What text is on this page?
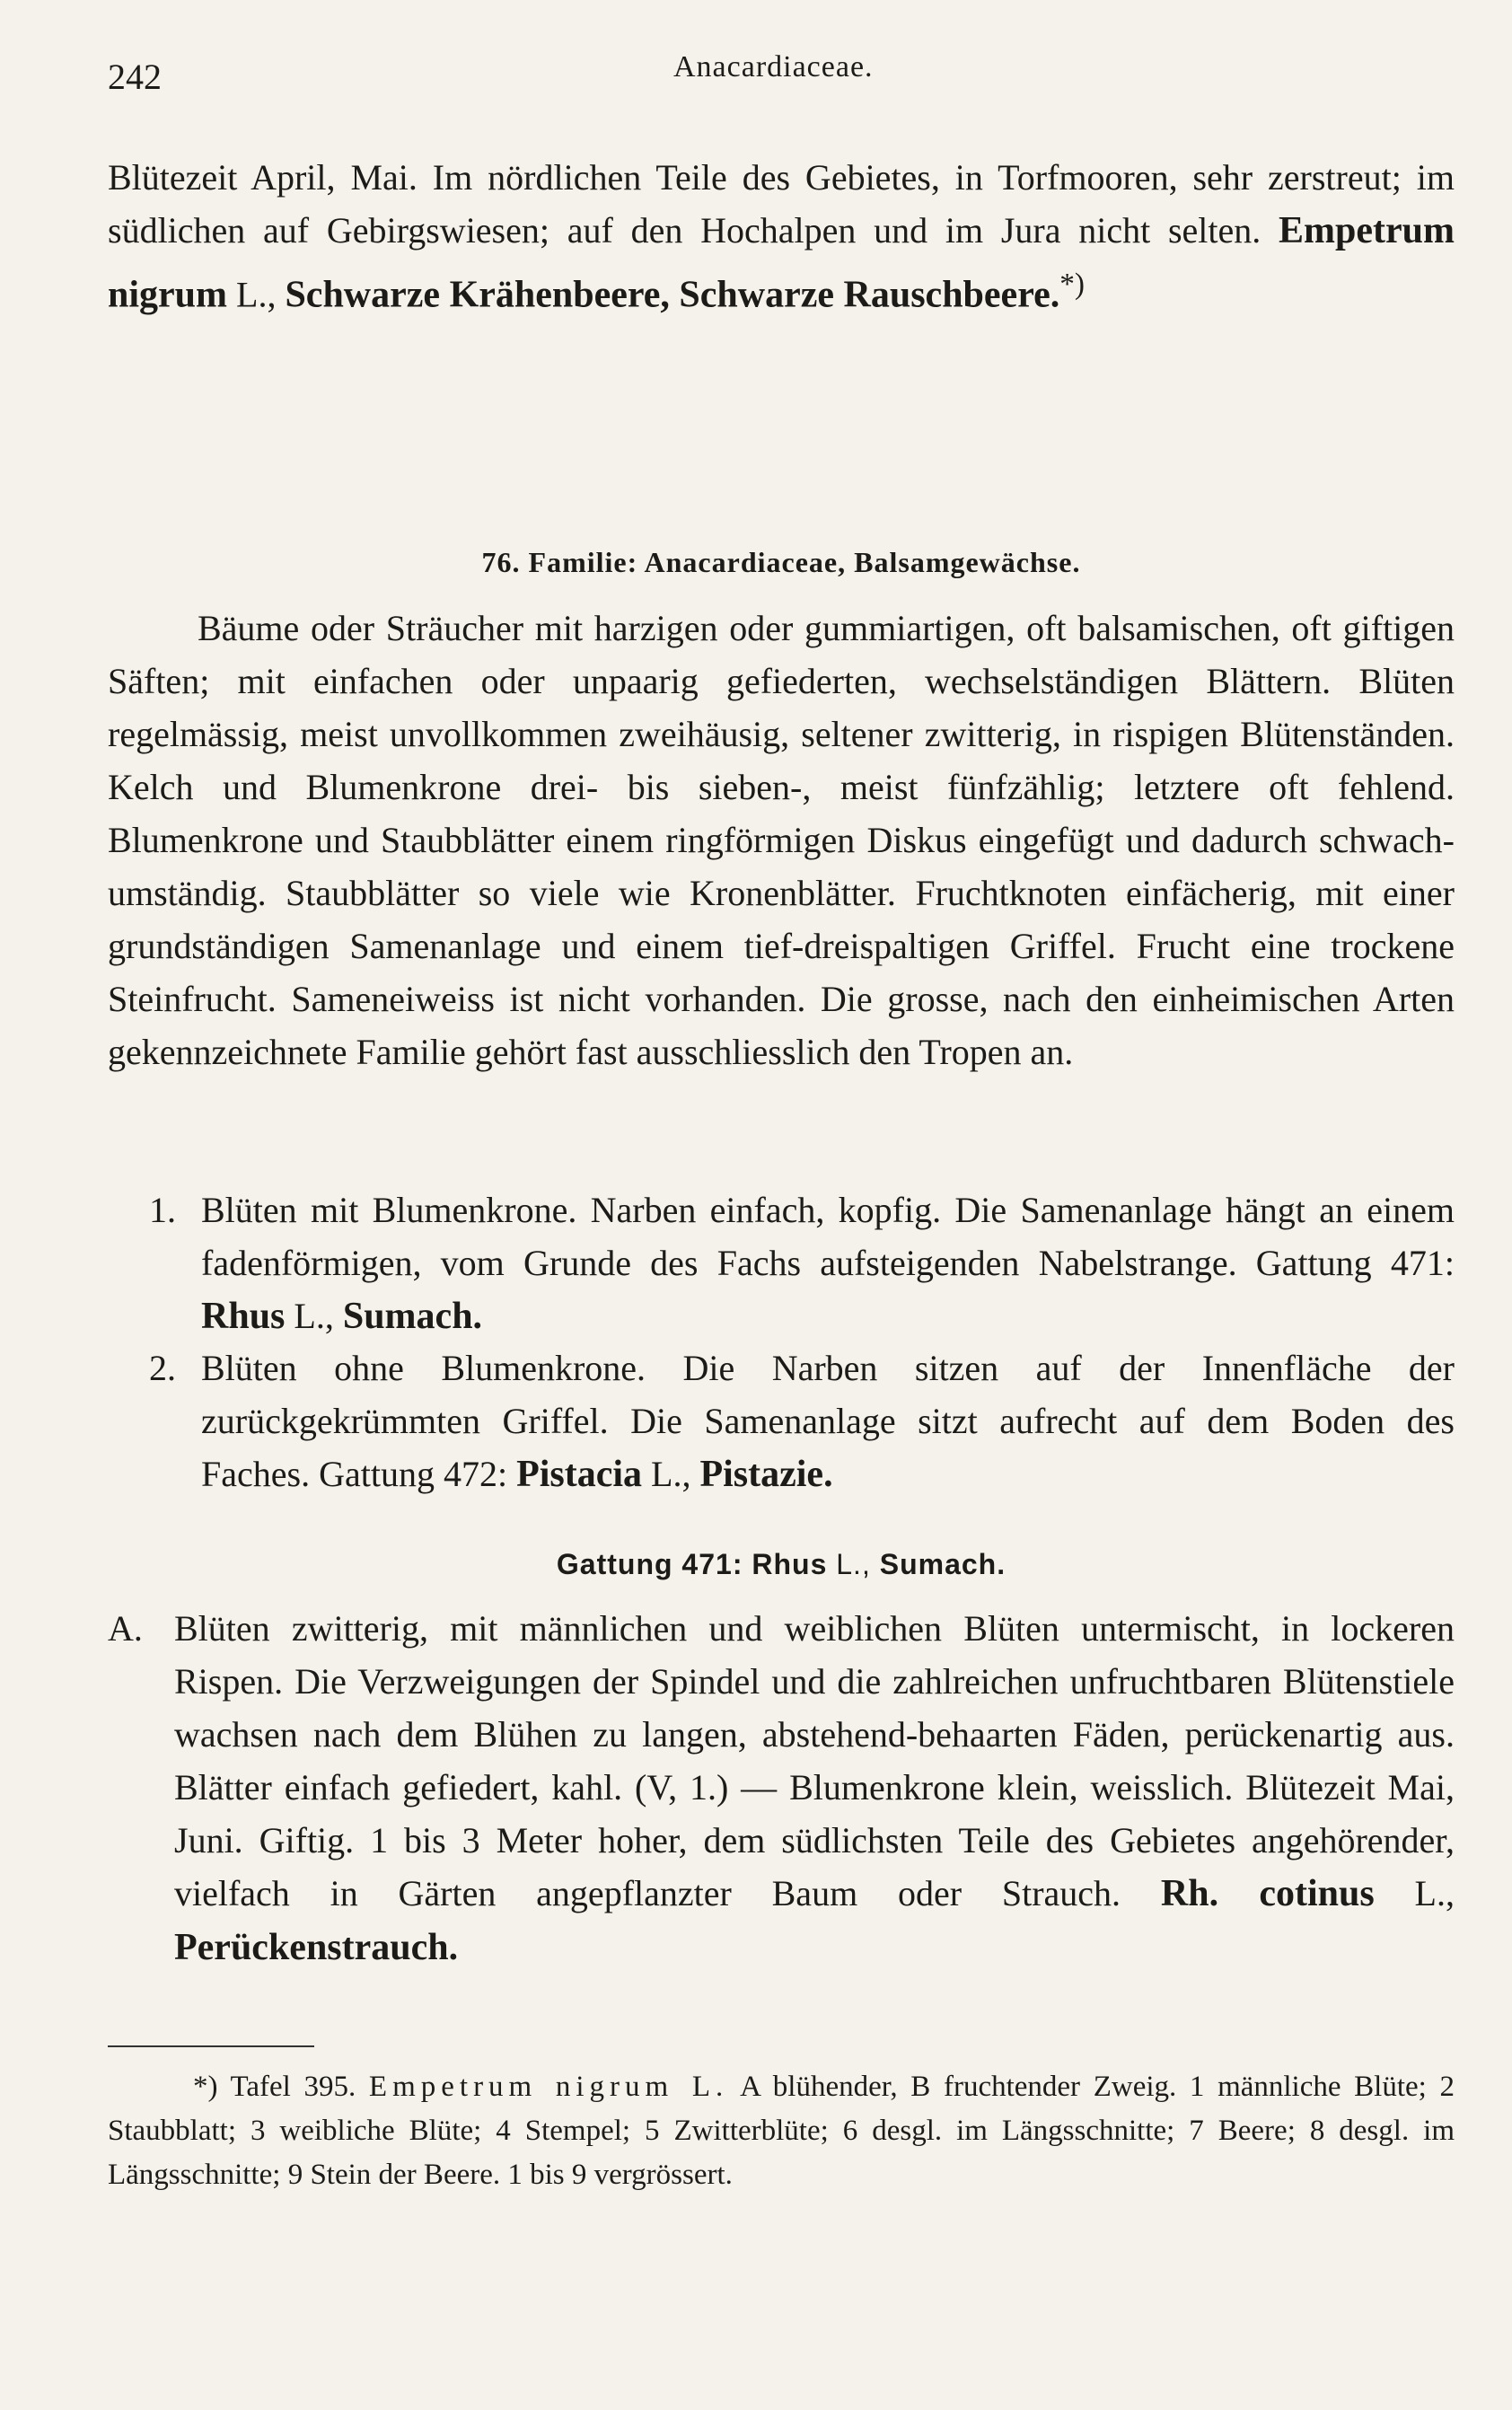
242	Anacardiaceae.

Blütezeit April, Mai. Im nördlichen Teile des Gebietes, in Torfmooren, sehr zerstreut; im südlichen auf Gebirgswiesen; auf den Hochalpen und im Jura nicht selten. Empetrum nigrum L., Schwarze Krähenbeere, Schwarze Rauschbeere.*)

76. Familie: Anacardiaceae, Balsamgewächse.

Bäume oder Sträucher mit harzigen oder gummiartigen, oft balsamischen, oft giftigen Säften; mit einfachen oder unpaarig gefiederten, wechselständigen Blättern. Blüten regelmässig, meist unvollkommen zweihäusig, seltener zwitterig, in rispigen Blütenständen. Kelch und Blumenkrone drei- bis sieben-, meist fünfzählig; letztere oft fehlend. Blumenkrone und Staubblätter einem ringförmigen Diskus eingefügt und dadurch schwach-umständig. Staubblätter so viele wie Kronenblätter. Fruchtknoten einfächerig, mit einer grundständigen Samenanlage und einem tief-dreispaltigen Griffel. Frucht eine trockene Steinfrucht. Sameneiweiss ist nicht vorhanden. Die grosse, nach den einheimischen Arten gekennzeichnete Familie gehört fast ausschliesslich den Tropen an.

1. Blüten mit Blumenkrone. Narben einfach, kopfig. Die Samenanlage hängt an einem fadenförmigen, vom Grunde des Fachs aufsteigenden Nabelstrange. Gattung 471: Rhus L., Sumach.

2. Blüten ohne Blumenkrone. Die Narben sitzen auf der Innenfläche der zurückgekrümmten Griffel. Die Samenanlage sitzt aufrecht auf dem Boden des Faches. Gattung 472: Pistacia L., Pistazie.

Gattung 471: Rhus L., Sumach.
A. Blüten zwitterig, mit männlichen und weiblichen Blüten untermischt, in lockeren Rispen. Die Verzweigungen der Spindel und die zahlreichen unfruchtbaren Blütenstiele wachsen nach dem Blühen zu langen, abstehend-behaarten Fäden, perückenartig aus. Blätter einfach gefiedert, kahl. (V, 1.) — Blumenkrone klein, weisslich. Blütezeit Mai, Juni. Giftig. 1 bis 3 Meter hoher, dem südlichsten Teile des Gebietes angehörender, vielfach in Gärten angepflanzter Baum oder Strauch. Rh. cotinus L., Perückenstrauch.

*) Tafel 395. Empetrum nigrum L. A blühender, B fruchtender Zweig. 1 männliche Blüte; 2 Staubblatt; 3 weibliche Blüte; 4 Stempel; 5 Zwitterblüte; 6 desgl. im Längsschnitte; 7 Beere; 8 desgl. im Längsschnitte; 9 Stein der Beere. 1 bis 9 vergrössert.
